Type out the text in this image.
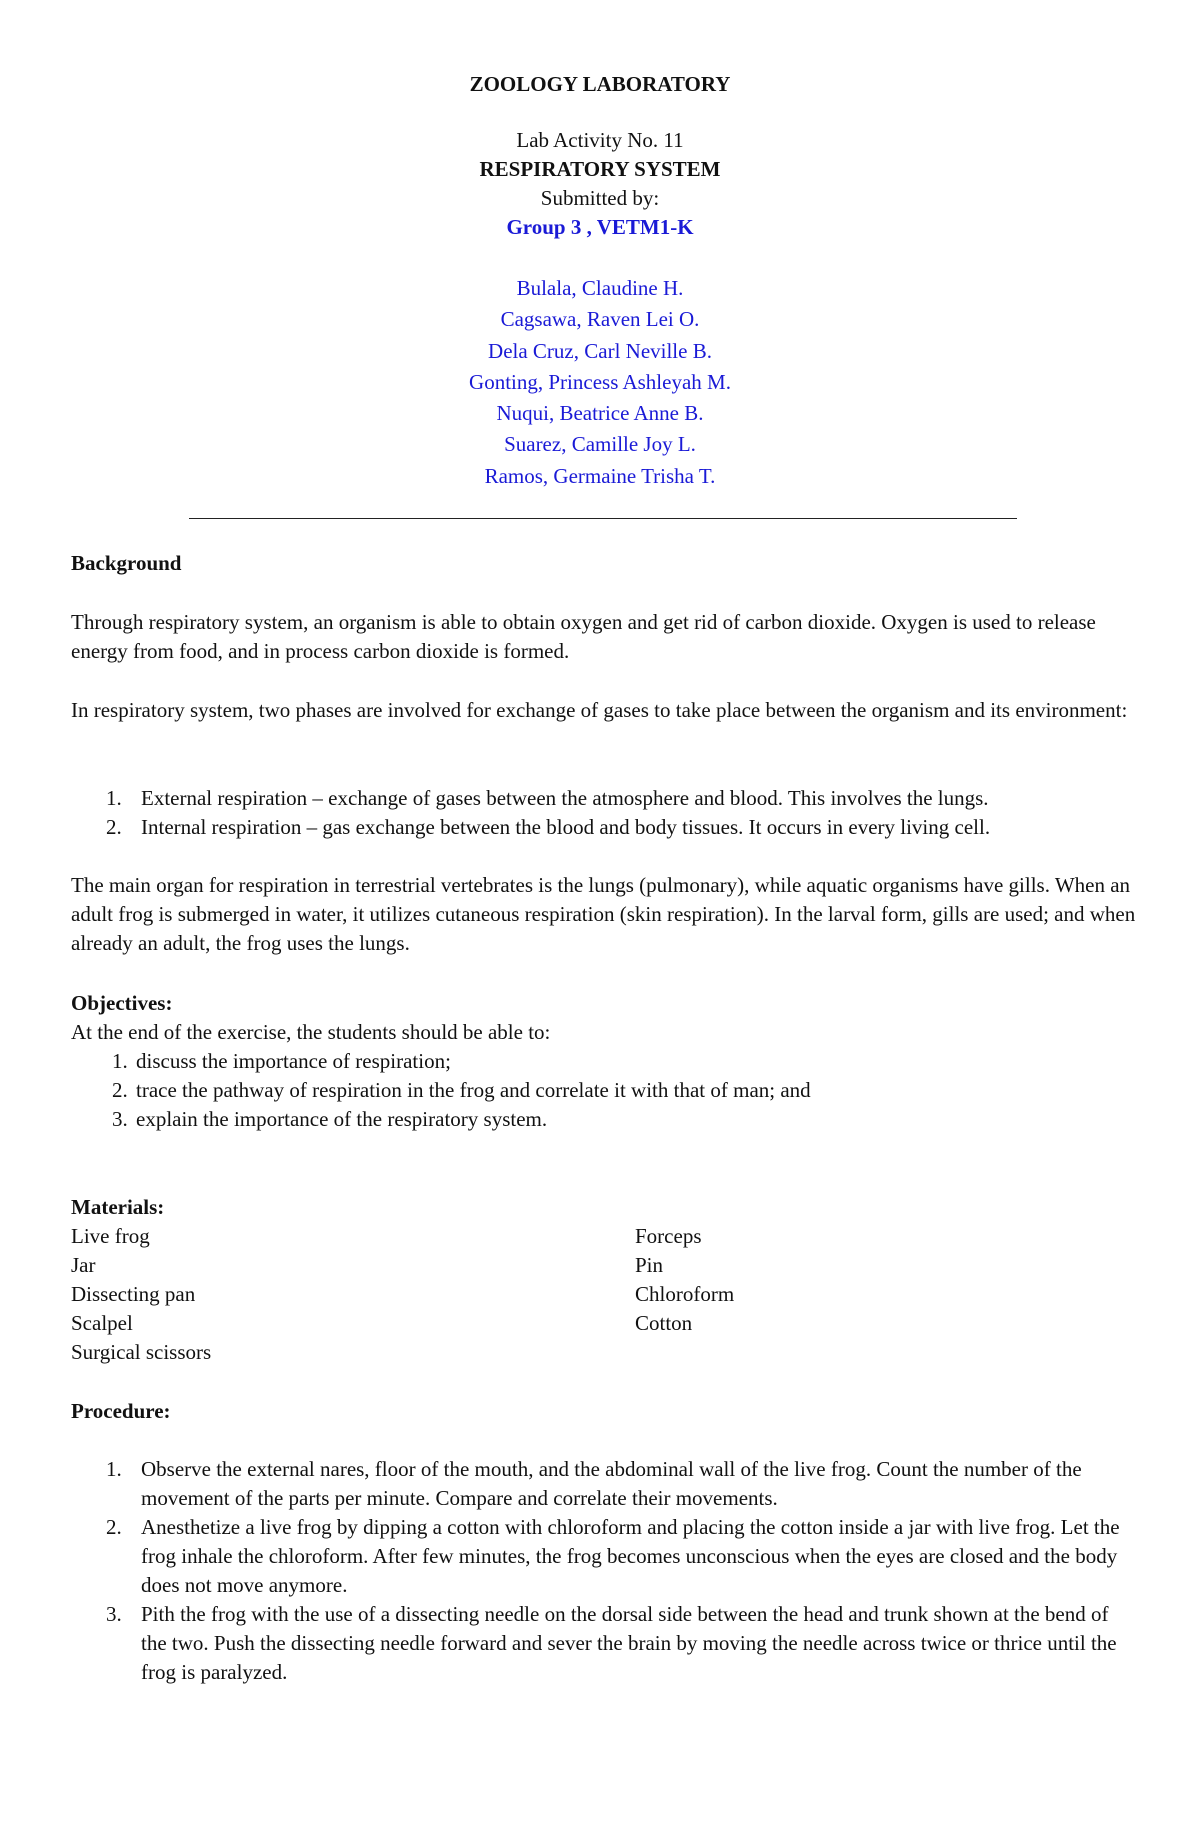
ZOOLOGY LABORATORY
Lab Activity No. 11
RESPIRATORY SYSTEM
Submitted by:
Group 3 , VETM1-K
Bulala, Claudine H.
Cagsawa, Raven Lei O.
Dela Cruz, Carl Neville B.
Gonting, Princess Ashleyah M.
Nuqui, Beatrice Anne B.
Suarez, Camille Joy L.
Ramos, Germaine Trisha T.
Background
Through respiratory system, an organism is able to obtain oxygen and get rid of carbon dioxide. Oxygen is used to release energy from food, and in process carbon dioxide is formed.
In respiratory system, two phases are involved for exchange of gases to take place between the organism and its environment:
1. External respiration – exchange of gases between the atmosphere and blood. This involves the lungs.
2. Internal respiration – gas exchange between the blood and body tissues. It occurs in every living cell.
The main organ for respiration in terrestrial vertebrates is the lungs (pulmonary), while aquatic organisms have gills. When an adult frog is submerged in water, it utilizes cutaneous respiration (skin respiration). In the larval form, gills are used; and when already an adult, the frog uses the lungs.
Objectives:
At the end of the exercise, the students should be able to:
1. discuss the importance of respiration;
2. trace the pathway of respiration in the frog and correlate it with that of man; and
3. explain the importance of the respiratory system.
Materials:
Live frog
Jar
Dissecting pan
Scalpel
Surgical scissors
Forceps
Pin
Chloroform
Cotton
Procedure:
1. Observe the external nares, floor of the mouth, and the abdominal wall of the live frog. Count the number of the movement of the parts per minute. Compare and correlate their movements.
2. Anesthetize a live frog by dipping a cotton with chloroform and placing the cotton inside a jar with live frog. Let the frog inhale the chloroform. After few minutes, the frog becomes unconscious when the eyes are closed and the body does not move anymore.
3. Pith the frog with the use of a dissecting needle on the dorsal side between the head and trunk shown at the bend of the two. Push the dissecting needle forward and sever the brain by moving the needle across twice or thrice until the frog is paralyzed.
